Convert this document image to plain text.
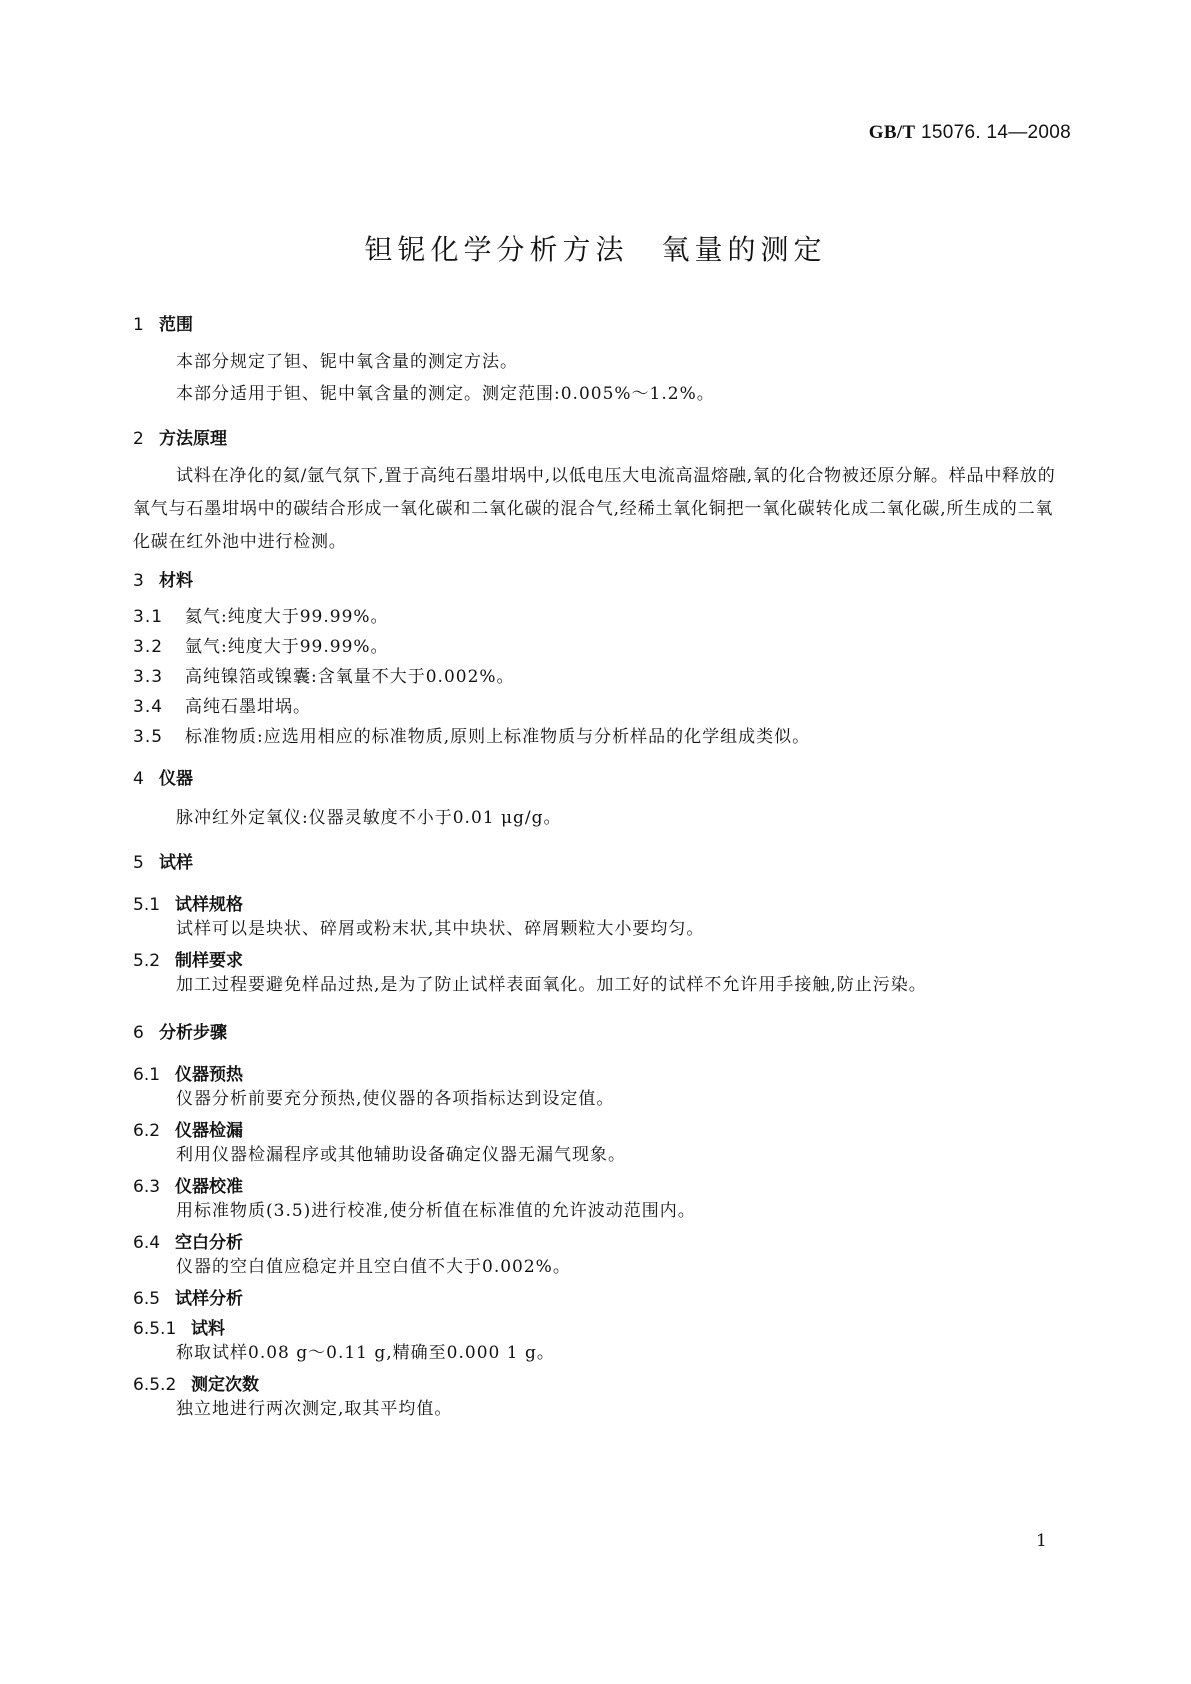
GB/T 15076. 14—2008
钽铌化学分析方法　氧量的测定
1 范围
本部分规定了钽、铌中氧含量的测定方法。
本部分适用于钽、铌中氧含量的测定。测定范围:0.005%～1.2%。
2 方法原理
试料在净化的氦/氩气氛下,置于高纯石墨坩埚中,以低电压大电流高温熔融,氧的化合物被还原分解。样品中释放的氧气与石墨坩埚中的碳结合形成一氧化碳和二氧化碳的混合气,经稀土氧化铜把一氧化碳转化成二氧化碳,所生成的二氧化碳在红外池中进行检测。
3 材料
3.1 氦气:纯度大于99.99%。
3.2 氩气:纯度大于99.99%。
3.3 高纯镍箔或镍囊:含氧量不大于0.002%。
3.4 高纯石墨坩埚。
3.5 标准物质:应选用相应的标准物质,原则上标准物质与分析样品的化学组成类似。
4 仪器
脉冲红外定氧仪:仪器灵敏度不小于0.01 μg/g。
5 试样
5.1 试样规格
试样可以是块状、碎屑或粉末状,其中块状、碎屑颗粒大小要均匀。
5.2 制样要求
加工过程要避免样品过热,是为了防止试样表面氧化。加工好的试样不允许用手接触,防止污染。
6 分析步骤
6.1 仪器预热
仪器分析前要充分预热,使仪器的各项指标达到设定值。
6.2 仪器检漏
利用仪器检漏程序或其他辅助设备确定仪器无漏气现象。
6.3 仪器校准
用标准物质(3.5)进行校准,使分析值在标准值的允许波动范围内。
6.4 空白分析
仪器的空白值应稳定并且空白值不大于0.002%。
6.5 试样分析
6.5.1 试料
称取试样0.08 g～0.11 g,精确至0.000 1 g。
6.5.2 测定次数
独立地进行两次测定,取其平均值。
1
